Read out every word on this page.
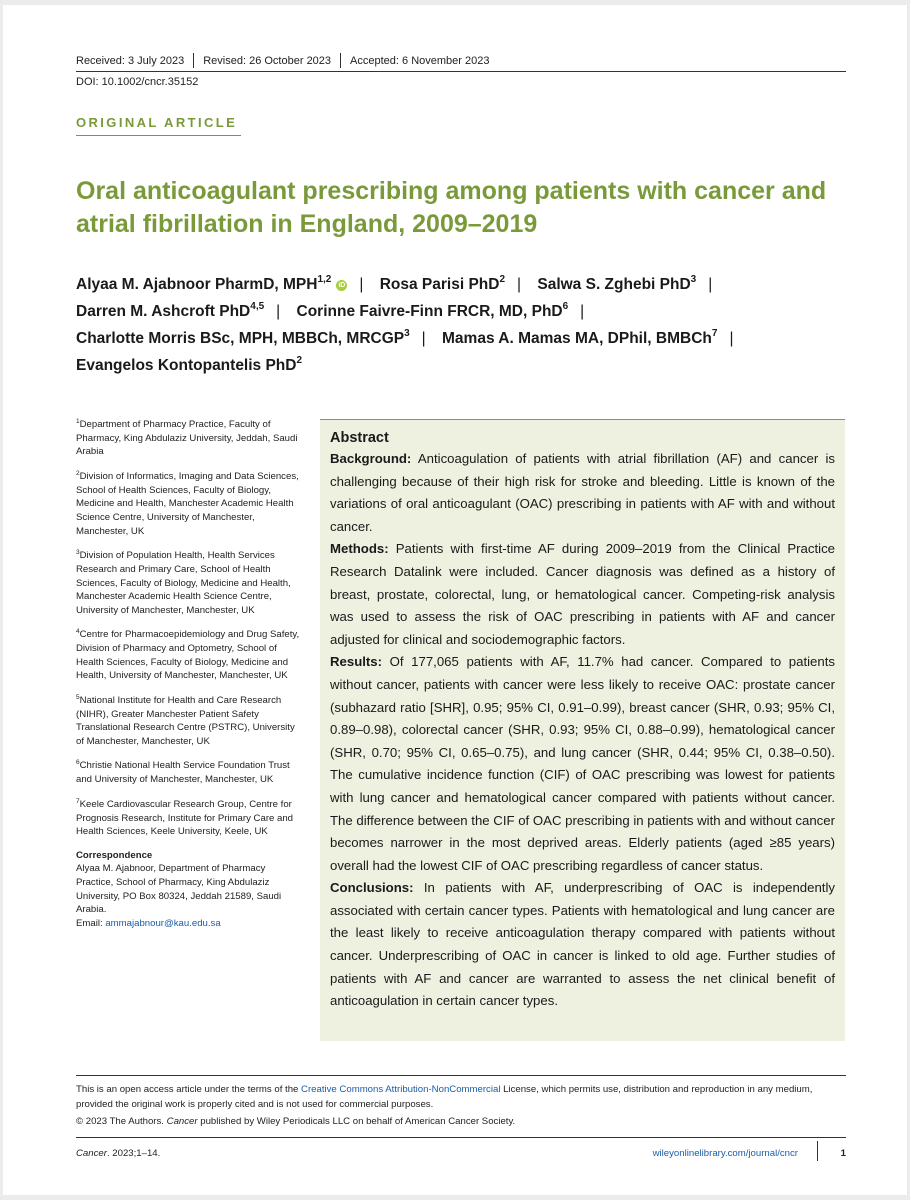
Received: 3 July 2023	Revised: 26 October 2023	Accepted: 6 November 2023
DOI: 10.1002/cncr.35152
ORIGINAL ARTICLE
Oral anticoagulant prescribing among patients with cancer and atrial fibrillation in England, 2009–2019
Alyaa M. Ajabnoor PharmD, MPH$^{1,2}$iD | Rosa Parisi PhD$^2$ | Salwa S. Zghebi PhD$^3$ | Darren M. Ashcroft PhD$^{4,5}$ | Corinne Faivre-Finn FRCR, MD, PhD$^6$ | Charlotte Morris BSc, MPH, MBBCh, MRCGP$^3$ | Mamas A. Mamas MA, DPhil, BMBCh$^7$ | Evangelos Kontopantelis PhD$^2$
$^1$Department of Pharmacy Practice, Faculty of Pharmacy, King Abdulaziz University, Jeddah, Saudi Arabia
$^2$Division of Informatics, Imaging and Data Sciences, School of Health Sciences, Faculty of Biology, Medicine and Health, Manchester Academic Health Science Centre, University of Manchester, Manchester, UK
$^3$Division of Population Health, Health Services Research and Primary Care, School of Health Sciences, Faculty of Biology, Medicine and Health, Manchester Academic Health Science Centre, University of Manchester, Manchester, UK
$^4$Centre for Pharmacoepidemiology and Drug Safety, Division of Pharmacy and Optometry, School of Health Sciences, Faculty of Biology, Medicine and Health, University of Manchester, Manchester, UK
$^5$National Institute for Health and Care Research (NIHR), Greater Manchester Patient Safety Translational Research Centre (PSTRC), University of Manchester, Manchester, UK
$^6$Christie National Health Service Foundation Trust and University of Manchester, Manchester, UK
$^7$Keele Cardiovascular Research Group, Centre for Prognosis Research, Institute for Primary Care and Health Sciences, Keele University, Keele, UK
Correspondence
Alyaa M. Ajabnoor, Department of Pharmacy Practice, School of Pharmacy, King Abdulaziz University, PO Box 80324, Jeddah 21589, Saudi Arabia.
Email: ammajabnour@kau.edu.sa

Abstract

Background: Anticoagulation of patients with atrial fibrillation (AF) and cancer is challenging because of their high risk for stroke and bleeding. Little is known of the variations of oral anticoagulant (OAC) prescribing in patients with AF with and without cancer.

Methods: Patients with first-time AF during 2009–2019 from the Clinical Practice Research Datalink were included. Cancer diagnosis was defined as a history of breast, prostate, colorectal, lung, or hematological cancer. Competing-risk analysis was used to assess the risk of OAC prescribing in patients with AF and cancer adjusted for clinical and sociodemographic factors.

Results: Of 177,065 patients with AF, 11.7% had cancer. Compared to patients without cancer, patients with cancer were less likely to receive OAC: prostate cancer (subhazard ratio [SHR], 0.95; 95% CI, 0.91–0.99), breast cancer (SHR, 0.93; 95% CI, 0.89–0.98), colorectal cancer (SHR, 0.93; 95% CI, 0.88–0.99), hematological cancer (SHR, 0.70; 95% CI, 0.65–0.75), and lung cancer (SHR, 0.44; 95% CI, 0.38–0.50). The cumulative incidence function (CIF) of OAC prescribing was lowest for patients with lung cancer and hematological cancer compared with patients without cancer. The difference between the CIF of OAC prescribing in patients with and without cancer becomes narrower in the most deprived areas. Elderly patients (aged ≥85 years) overall had the lowest CIF of OAC prescribing regardless of cancer status.

Conclusions: In patients with AF, underprescribing of OAC is independently associated with certain cancer types. Patients with hematological and lung cancer are the least likely to receive anticoagulation therapy compared with patients without cancer. Underprescribing of OAC in cancer is linked to old age. Further studies of patients with AF and cancer are warranted to assess the net clinical benefit of anticoagulation in certain cancer types.

This is an open access article under the terms of the Creative Commons Attribution-NonCommercial License, which permits use, distribution and reproduction in any medium, provided the original work is properly cited and is not used for commercial purposes.

© 2023 The Authors. Cancer published by Wiley Periodicals LLC on behalf of American Cancer Society.

Cancer. 2023;1–14.	wileyonlinelibrary.com/journal/cncr	1
